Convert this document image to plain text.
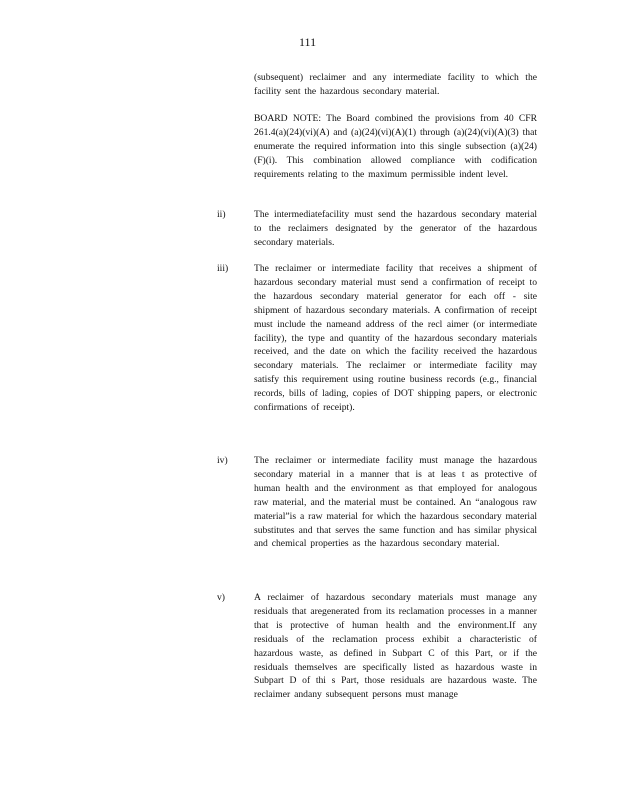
111
(subsequent) reclaimer and any intermediate facility to which the facility sent the hazardous secondary material.
BOARD NOTE: The Board combined the provisions from 40 CFR 261.4(a)(24)(vi)(A) and (a)(24)(vi)(A)(1) through (a)(24)(vi)(A)(3) that enumerate the required information into this single subsection (a)(24)(F)(i). This combination allowed compliance with codification requirements relating to the maximum permissible indent level.
ii)	The intermediatefacility must send the hazardous secondary material to the reclaimers designated by the generator of the hazardous secondary materials.
iii)	The reclaimer or intermediate facility that receives a shipment of hazardous secondary material must send a confirmation of receipt to the hazardous secondary material generator for each off - site shipment of hazardous secondary materials. A confirmation of receipt must include the nameand address of the recl aimer (or intermediate facility), the type and quantity of the hazardous secondary materials received, and the date on which the facility received the hazardous secondary materials. The reclaimer or intermediate facility may satisfy this requirement using routine business records (e.g., financial records, bills of lading, copies of DOT shipping papers, or electronic confirmations of receipt).
iv)	The reclaimer or intermediate facility must manage the hazardous secondary material in a manner that is at leas t as protective of human health and the environment as that employed for analogous raw material, and the material must be contained. An “analogous raw material”is a raw material for which the hazardous secondary material substitutes and that serves the same function and has similar physical and chemical properties as the hazardous secondary material.
v)	A reclaimer of hazardous secondary materials must manage any residuals that aregenerated from its reclamation processes in a manner that is protective of human health and the environment.If any residuals of the reclamation process exhibit a characteristic of hazardous waste, as defined in Subpart C of this Part, or if the residuals themselves are specifically listed as hazardous waste in Subpart D of thi s Part, those residuals are hazardous waste. The reclaimer andany subsequent persons must manage
